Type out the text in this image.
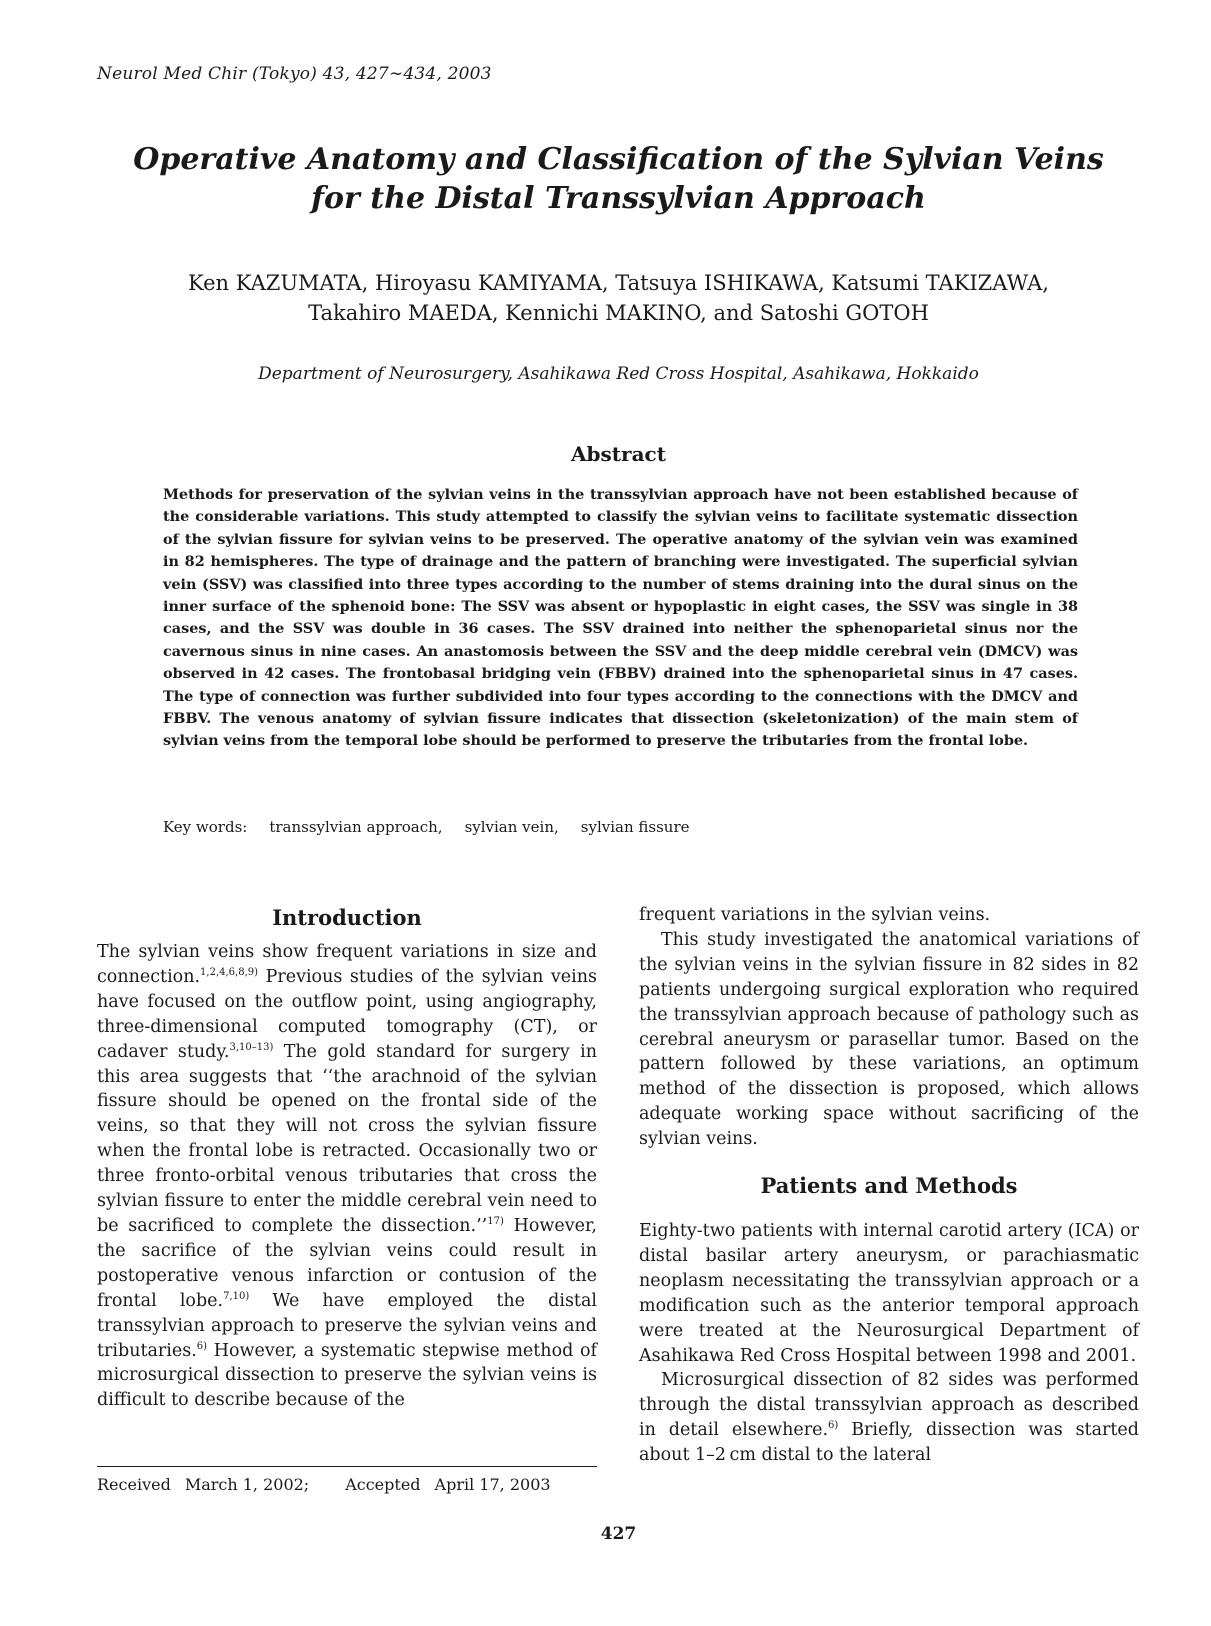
Neurol Med Chir (Tokyo) 43, 427∼434, 2003
Operative Anatomy and Classification of the Sylvian Veins
for the Distal Transsylvian Approach
Ken KAZUMATA, Hiroyasu KAMIYAMA, Tatsuya ISHIKAWA, Katsumi TAKIZAWA,
Takahiro MAEDA, Kennichi MAKINO, and Satoshi GOTOH
Department of Neurosurgery, Asahikawa Red Cross Hospital, Asahikawa, Hokkaido
Abstract

Methods for preservation of the sylvian veins in the transsylvian approach have not been established because of the considerable variations. This study attempted to classify the sylvian veins to facilitate systematic dissection of the sylvian fissure for sylvian veins to be preserved. The operative anatomy of the sylvian vein was examined in 82 hemispheres. The type of drainage and the pattern of branching were investigated. The superficial sylvian vein (SSV) was classified into three types according to the number of stems draining into the dural sinus on the inner surface of the sphenoid bone: The SSV was absent or hypoplastic in eight cases, the SSV was single in 38 cases, and the SSV was double in 36 cases. The SSV drained into neither the sphenoparietal sinus nor the cavernous sinus in nine cases. An anastomosis between the SSV and the deep middle cerebral vein (DMCV) was observed in 42 cases. The frontobasal bridging vein (FBBV) drained into the sphenoparietal sinus in 47 cases. The type of connection was further subdivided into four types according to the connections with the DMCV and FBBV. The venous anatomy of sylvian fissure indicates that dissection (skeletonization) of the main stem of sylvian veins from the temporal lobe should be performed to preserve the tributaries from the frontal lobe.

Key words: transsylvian approach, sylvian vein, sylvian fissure
Introduction

The sylvian veins show frequent variations in size and connection.$^{1,2,4,6,8,9)}$ Previous studies of the sylvian veins have focused on the outflow point, using angiography, three-dimensional computed tomography (CT), or cadaver study.$^{3,10-13)}$ The gold standard for surgery in this area suggests that ‘‘the arachnoid of the sylvian fissure should be opened on the frontal side of the veins, so that they will not cross the sylvian fissure when the frontal lobe is retracted. Occasionally two or three fronto-orbital venous tributaries that cross the sylvian fissure to enter the middle cerebral vein need to be sacrificed to complete the dissection.’’$^{17)}$ However, the sacrifice of the sylvian veins could result in postoperative venous infarction or contusion of the frontal lobe.$^{7,10)}$ We have employed the distal transsylvian approach to preserve the sylvian veins and tributaries.$^{6)}$ However, a systematic stepwise method of microsurgical dissection to preserve the sylvian veins is difficult to describe because of the

frequent variations in the sylvian veins.

This study investigated the anatomical variations of the sylvian veins in the sylvian fissure in 82 sides in 82 patients undergoing surgical exploration who required the transsylvian approach because of pathology such as cerebral aneurysm or parasellar tumor. Based on the pattern followed by these variations, an optimum method of the dissection is proposed, which allows adequate working space without sacrificing of the sylvian veins.

Patients and Methods

Eighty-two patients with internal carotid artery (ICA) or distal basilar artery aneurysm, or parachiasmatic neoplasm necessitating the transsylvian approach or a modification such as the anterior temporal approach were treated at the Neurosurgical Department of Asahikawa Red Cross Hospital between 1998 and 2001.

Microsurgical dissection of 82 sides was performed through the distal transsylvian approach as described in detail elsewhere.$^{6)}$ Briefly, dissection was started about 1–2 cm distal to the lateral

Received March 1, 2002; Accepted April 17, 2003
427
